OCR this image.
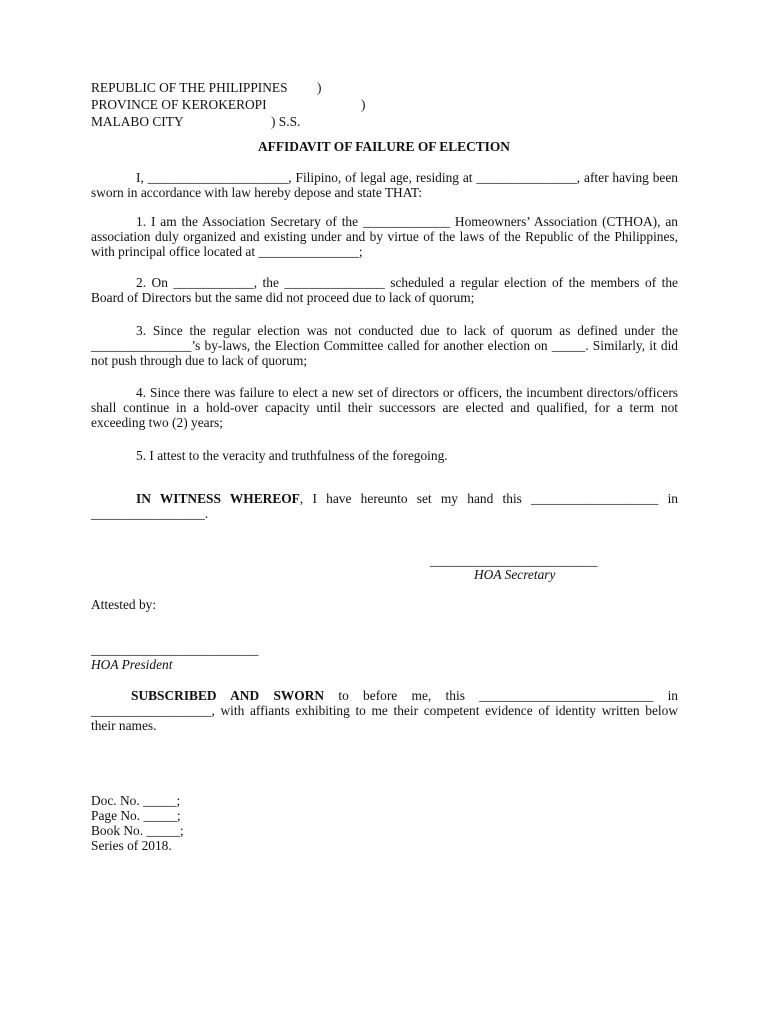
REPUBLIC OF THE PHILIPPINES )
PROVINCE OF KEROKEROPI	)
MALABO CITY	) S.S.
AFFIDAVIT OF FAILURE OF ELECTION

I, _____________________, Filipino, of legal age, residing at _______________, after having been sworn in accordance with law hereby depose and state THAT:

1. I am the Association Secretary of the _____________ Homeowners’ Association (CTHOA), an association duly organized and existing under and by virtue of the laws of the Republic of the Philippines, with principal office located at _______________;

2. On ____________, the _______________ scheduled a regular election of the members of the Board of Directors but the same did not proceed due to lack of quorum;

3. Since the regular election was not conducted due to lack of quorum as defined under the _______________’s by-laws, the Election Committee called for another election on _____. Similarly, it did not push through due to lack of quorum;

4. Since there was failure to elect a new set of directors or officers, the incumbent directors/officers shall continue in a hold-over capacity until their successors are elected and qualified, for a term not exceeding two (2) years;

5. I attest to the veracity and truthfulness of the foregoing.

IN WITNESS WHEREOF, I have hereunto set my hand this ___________________ in _________________.

_________________________
HOA Secretary
Attested by:
_________________________
HOA President

SUBSCRIBED AND SWORN to before me, this __________________________ in __________________, with affiants exhibiting to me their competent evidence of identity written below their names.

Doc. No. _____;
Page No. _____;
Book No. _____;
Series of 2018.
